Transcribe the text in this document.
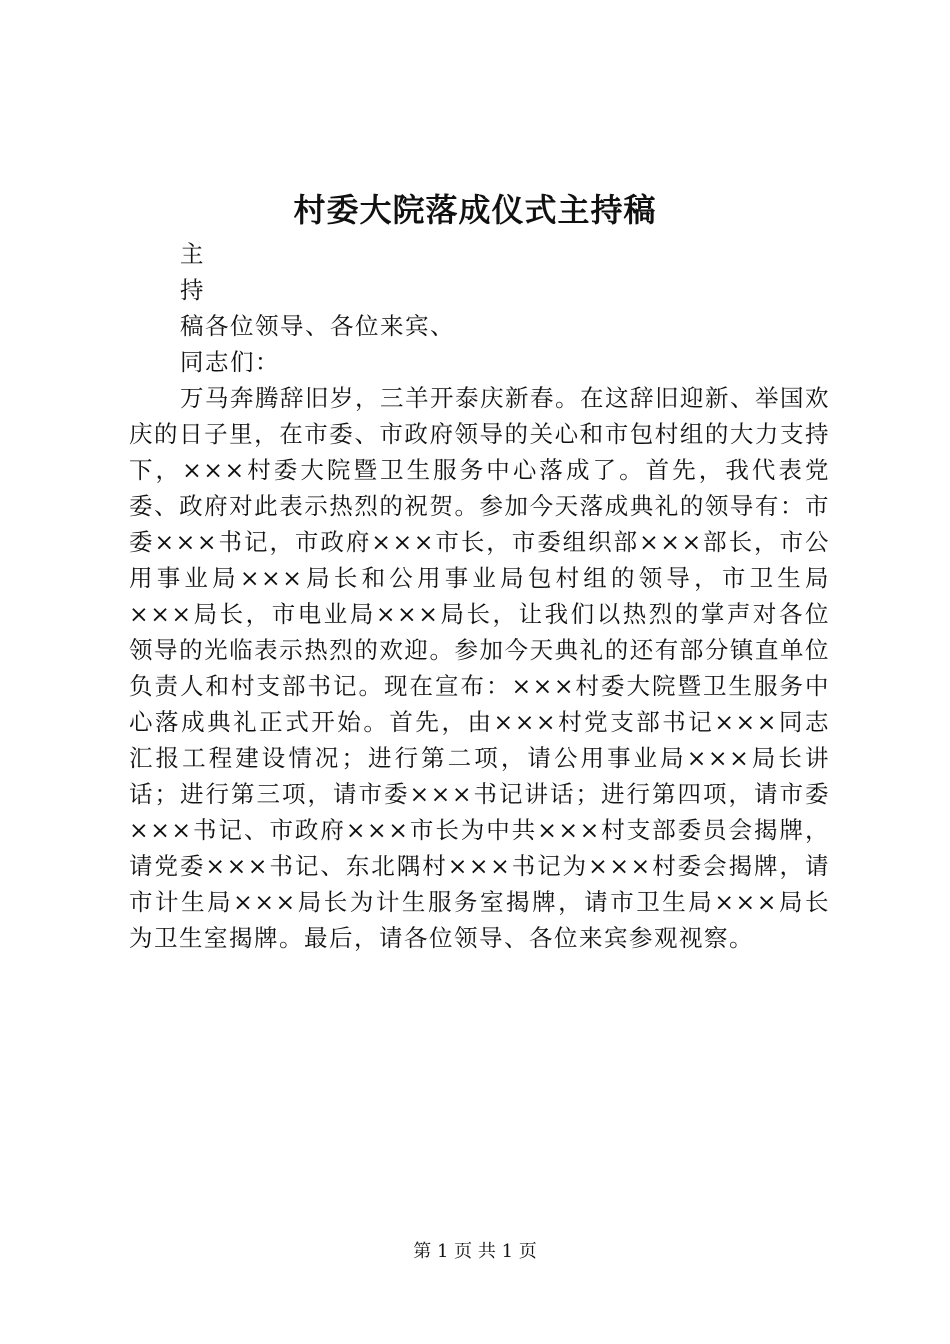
村委大院落成仪式主持稿

主

持

稿各位领导、各位来宾、

同志们：

万马奔腾辞旧岁，三羊开泰庆新春。在这辞旧迎新、举国欢庆的日子里，在市委、市政府领导的关心和市包村组的大力支持下，×××村委大院暨卫生服务中心落成了。首先，我代表党委、政府对此表示热烈的祝贺。参加今天落成典礼的领导有：市委×××书记，市政府×××市长，市委组织部×××部长，市公用事业局×××局长和公用事业局包村组的领导，市卫生局×××局长，市电业局×××局长，让我们以热烈的掌声对各位领导的光临表示热烈的欢迎。参加今天典礼的还有部分镇直单位负责人和村支部书记。现在宣布：×××村委大院暨卫生服务中心落成典礼正式开始。首先，由×××村党支部书记×××同志汇报工程建设情况；进行第二项，请公用事业局×××局长讲话；进行第三项，请市委×××书记讲话；进行第四项，请市委×××书记、市政府×××市长为中共×××村支部委员会揭牌，请党委×××书记、东北隅村×××书记为×××村委会揭牌，请市计生局×××局长为计生服务室揭牌，请市卫生局×××局长为卫生室揭牌。最后，请各位领导、各位来宾参观视察。

第 1 页 共 1 页
